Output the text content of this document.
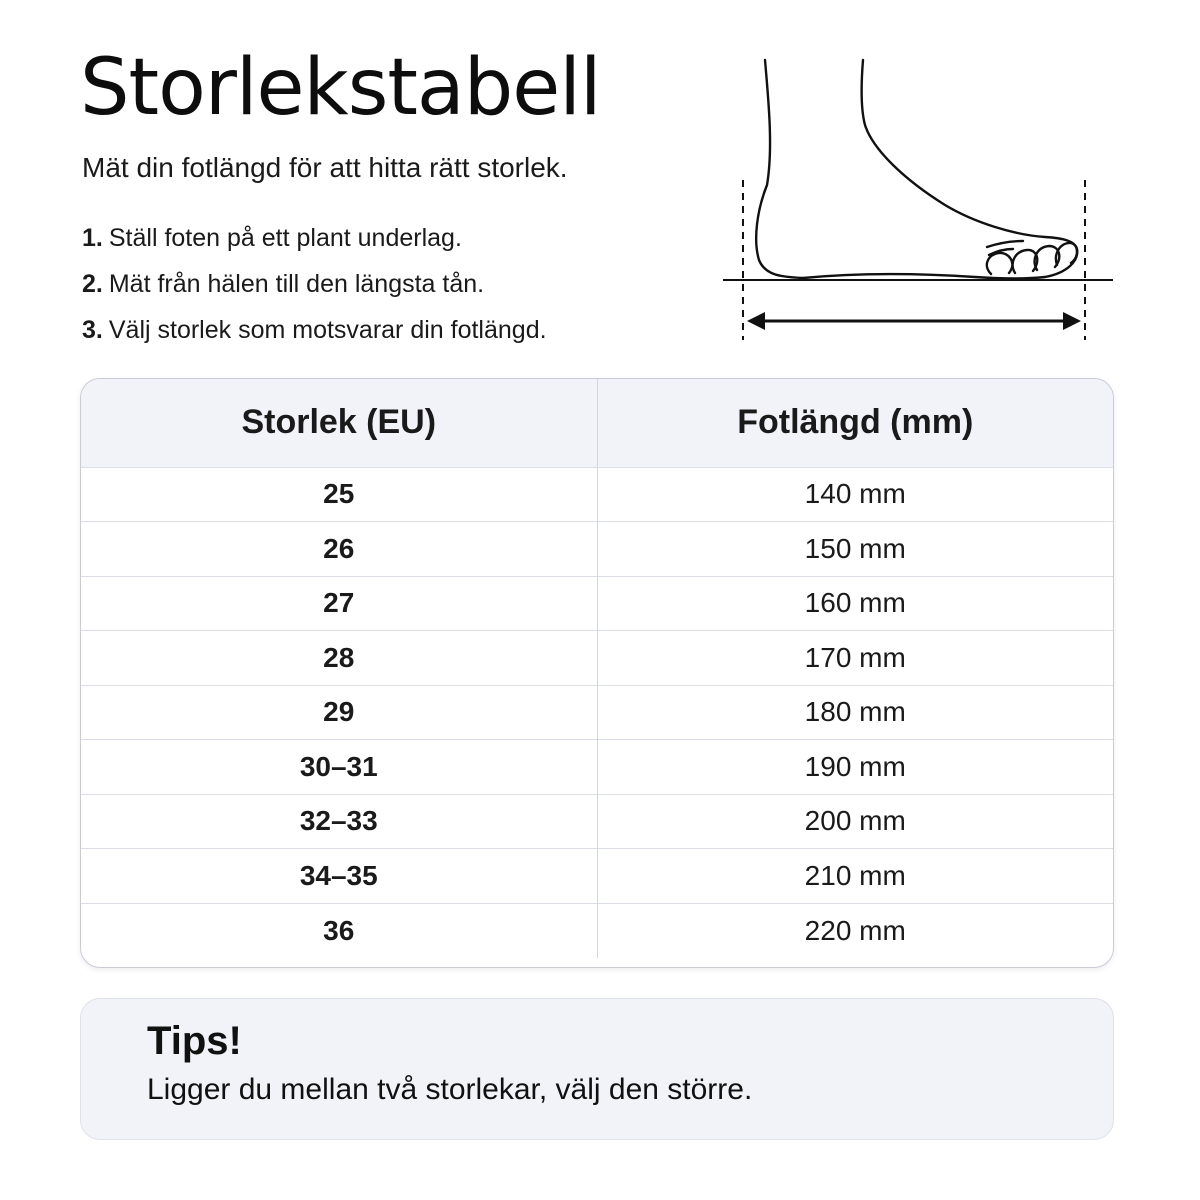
Storlekstabell

Mät din fotlängd för att hitta rätt storlek.

1. Ställ foten på ett plant underlag.
2. Mät från hälen till den längsta tån.
3. Välj storlek som motsvarar din fotlängd.
Storlek (EU)	Fotlängd (mm)
25	140 mm
26	150 mm
27	160 mm
28	170 mm
29	180 mm
30–31	190 mm
32–33	200 mm
34–35	210 mm
36	220 mm
Tips!
Ligger du mellan två storlekar, välj den större.
